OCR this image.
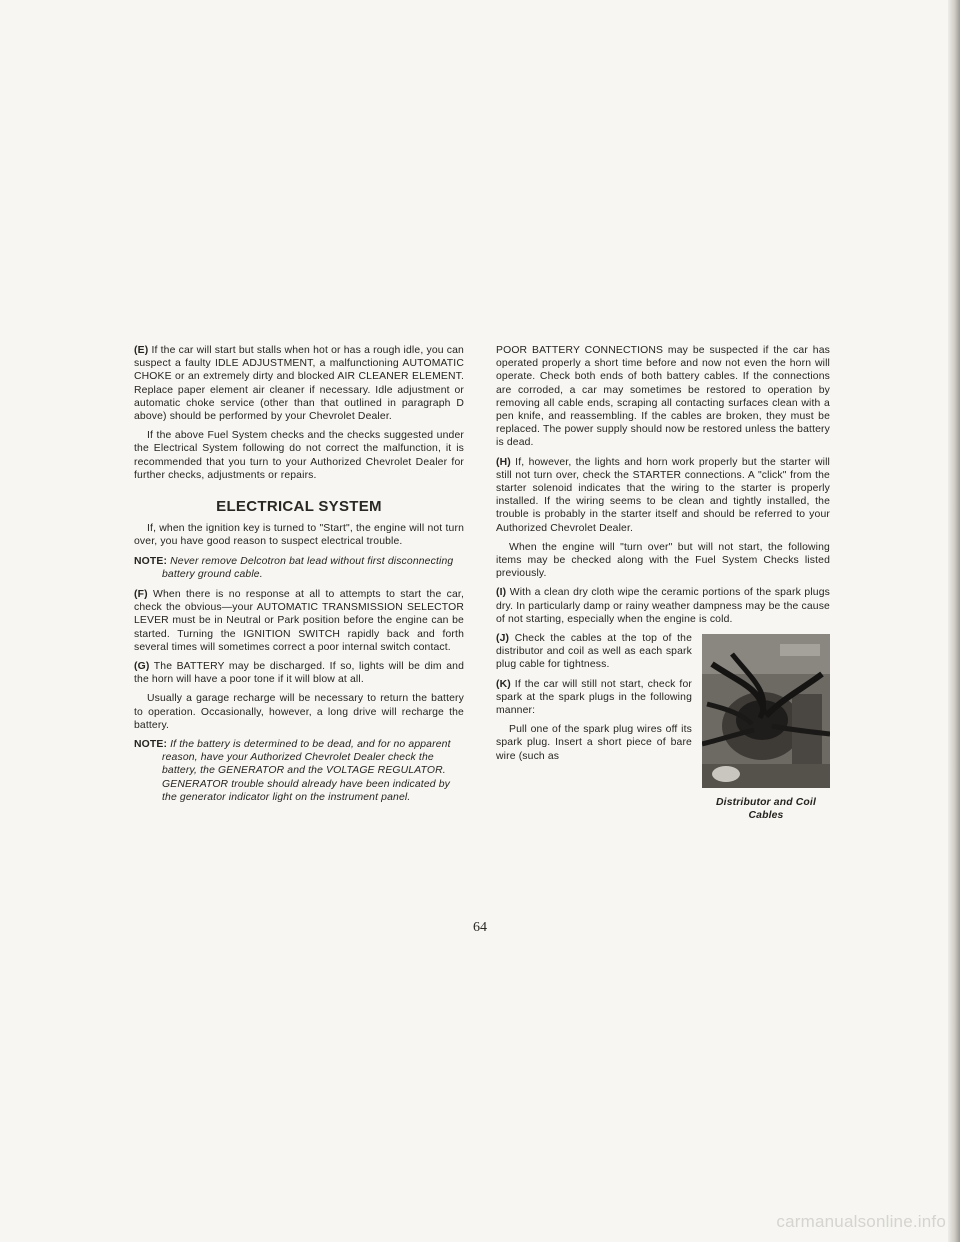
(E) If the car will start but stalls when hot or has a rough idle, you can suspect a faulty IDLE ADJUSTMENT, a malfunctioning AUTOMATIC CHOKE or an extremely dirty and blocked AIR CLEANER ELEMENT. Replace paper element air cleaner if necessary. Idle adjustment or automatic choke service (other than that outlined in paragraph D above) should be performed by your Chevrolet Dealer.

If the above Fuel System checks and the checks suggested under the Electrical System following do not correct the malfunction, it is recommended that you turn to your Authorized Chevrolet Dealer for further checks, adjustments or repairs.

ELECTRICAL SYSTEM

If, when the ignition key is turned to "Start", the engine will not turn over, you have good reason to suspect electrical trouble.

NOTE: Never remove Delcotron bat lead without first disconnecting battery ground cable.

(F) When there is no response at all to attempts to start the car, check the obvious—your AUTOMATIC TRANSMISSION SELECTOR LEVER must be in Neutral or Park position before the engine can be started. Turning the IGNITION SWITCH rapidly back and forth several times will sometimes correct a poor internal switch contact.

(G) The BATTERY may be discharged. If so, lights will be dim and the horn will have a poor tone if it will blow at all.

Usually a garage recharge will be necessary to return the battery to operation. Occasionally, however, a long drive will recharge the battery.

NOTE: If the battery is determined to be dead, and for no apparent reason, have your Authorized Chevrolet Dealer check the battery, the GENERATOR and the VOLTAGE REGULATOR. GENERATOR trouble should already have been indicated by the generator indicator light on the instrument panel.

POOR BATTERY CONNECTIONS may be suspected if the car has operated properly a short time before and now not even the horn will operate. Check both ends of both battery cables. If the connections are corroded, a car may sometimes be restored to operation by removing all cable ends, scraping all contacting surfaces clean with a pen knife, and reassembling. If the cables are broken, they must be replaced. The power supply should now be restored unless the battery is dead.

(H) If, however, the lights and horn work properly but the starter will still not turn over, check the STARTER connections. A "click" from the starter solenoid indicates that the wiring to the starter is properly installed. If the wiring seems to be clean and tightly installed, the trouble is probably in the starter itself and should be referred to your Authorized Chevrolet Dealer.

When the engine will "turn over" but will not start, the following items may be checked along with the Fuel System Checks listed previously.

(I) With a clean dry cloth wipe the ceramic portions of the spark plugs dry. In particularly damp or rainy weather dampness may be the cause of not starting, especially when the engine is cold.

Distributor and Coil Cables

(J) Check the cables at the top of the distributor and coil as well as each spark plug cable for tightness.

(K) If the car will still not start, check for spark at the spark plugs in the following manner:

Pull one of the spark plug wires off its spark plug. Insert a short piece of bare wire (such as

64
carmanualsonline.info
